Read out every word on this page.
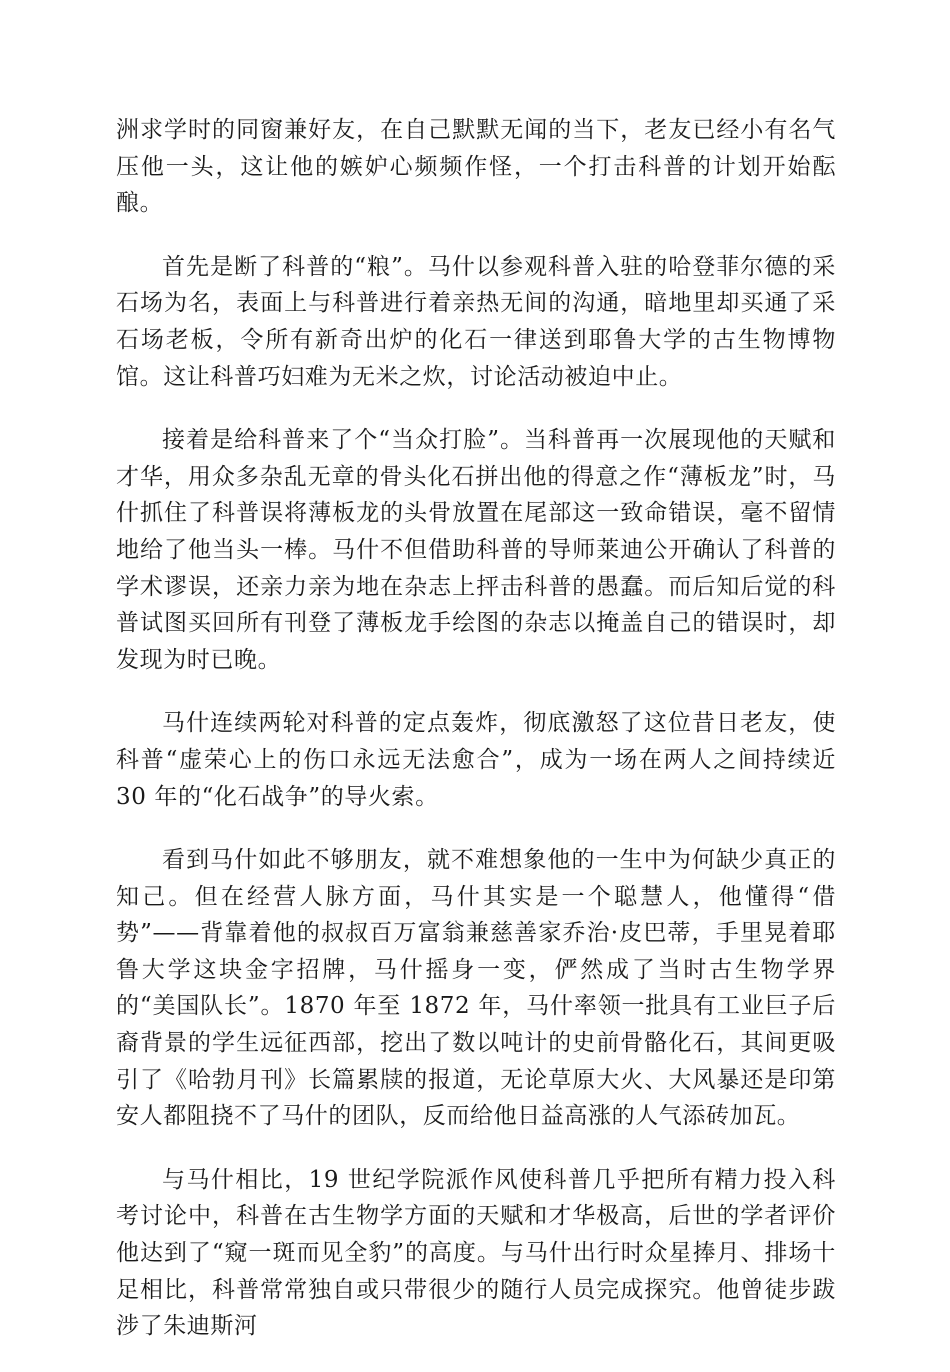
洲求学时的同窗兼好友，在自己默默无闻的当下，老友已经小有名气压他一头，这让他的嫉妒心频频作怪，一个打击科普的计划开始酝酿。

首先是断了科普的“粮”。马什以参观科普入驻的哈登菲尔德的采石场为名，表面上与科普进行着亲热无间的沟通，暗地里却买通了采石场老板，令所有新奇出炉的化石一律送到耶鲁大学的古生物博物馆。这让科普巧妇难为无米之炊，讨论活动被迫中止。

接着是给科普来了个“当众打脸”。当科普再一次展现他的天赋和才华，用众多杂乱无章的骨头化石拼出他的得意之作“薄板龙”时，马什抓住了科普误将薄板龙的头骨放置在尾部这一致命错误，毫不留情地给了他当头一棒。马什不但借助科普的导师莱迪公开确认了科普的学术谬误，还亲力亲为地在杂志上抨击科普的愚蠢。而后知后觉的科普试图买回所有刊登了薄板龙手绘图的杂志以掩盖自己的错误时，却发现为时已晚。

马什连续两轮对科普的定点轰炸，彻底激怒了这位昔日老友，使科普“虚荣心上的伤口永远无法愈合”，成为一场在两人之间持续近 30 年的“化石战争”的导火索。

看到马什如此不够朋友，就不难想象他的一生中为何缺少真正的知己。但在经营人脉方面，马什其实是一个聪慧人，他懂得“借势”——背靠着他的叔叔百万富翁兼慈善家乔治·皮巴蒂，手里晃着耶鲁大学这块金字招牌，马什摇身一变，俨然成了当时古生物学界的“美国队长”。1870 年至 1872 年，马什率领一批具有工业巨子后裔背景的学生远征西部，挖出了数以吨计的史前骨骼化石，其间更吸引了《哈勃月刊》长篇累牍的报道，无论草原大火、大风暴还是印第安人都阻挠不了马什的团队，反而给他日益高涨的人气添砖加瓦。

与马什相比，19 世纪学院派作风使科普几乎把所有精力投入科考讨论中，科普在古生物学方面的天赋和才华极高，后世的学者评价他达到了“窥一斑而见全豹”的高度。与马什出行时众星捧月、排场十足相比，科普常常独自或只带很少的随行人员完成探究。他曾徒步跋涉了朱迪斯河
